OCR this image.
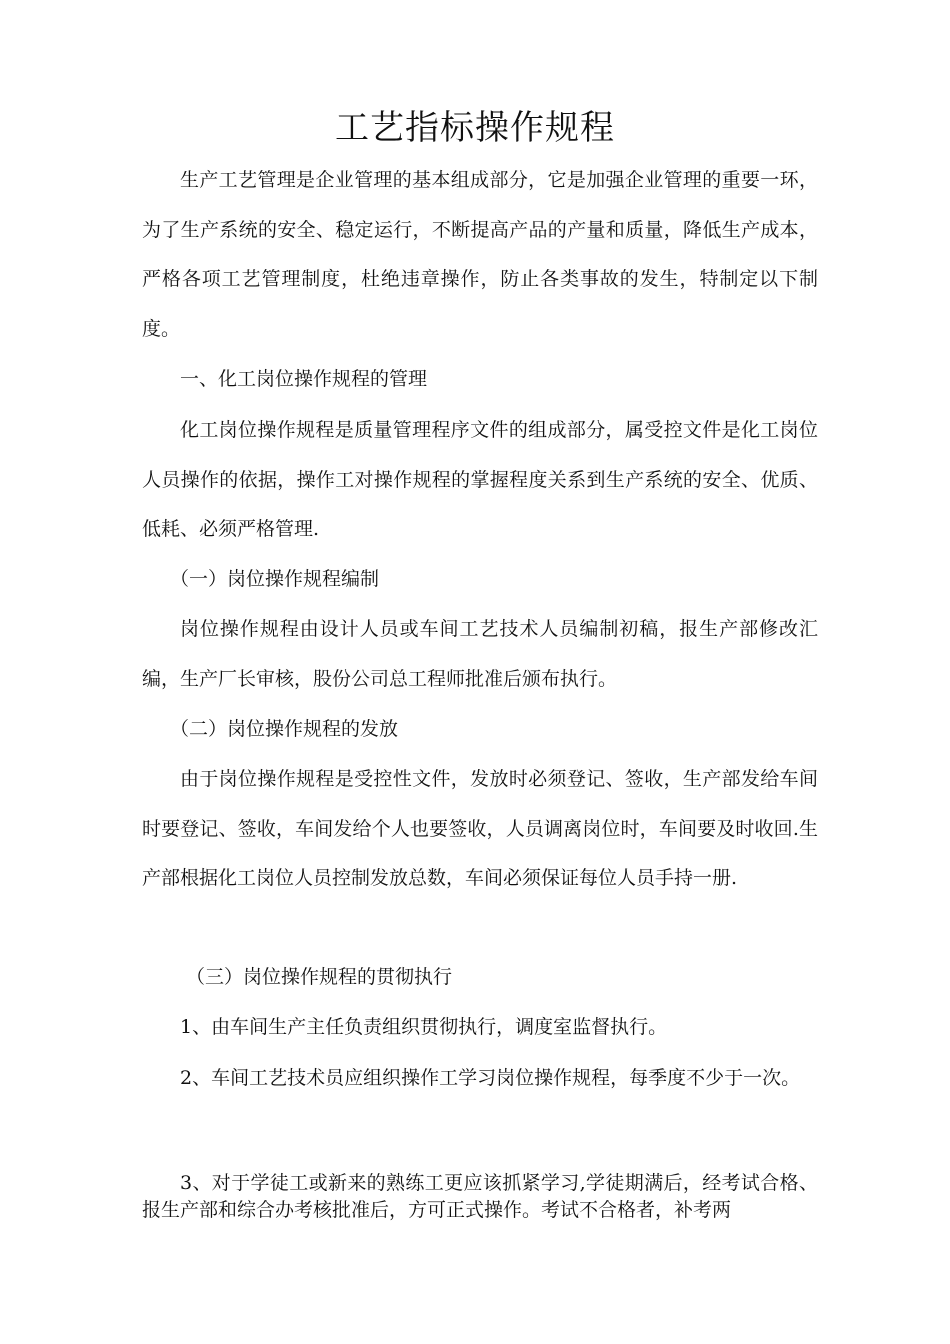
工艺指标操作规程

生产工艺管理是企业管理的基本组成部分，它是加强企业管理的重要一环，为了生产系统的安全、稳定运行，不断提高产品的产量和质量，降低生产成本，严格各项工艺管理制度，杜绝违章操作，防止各类事故的发生，特制定以下制度。

一、化工岗位操作规程的管理

化工岗位操作规程是质量管理程序文件的组成部分，属受控文件是化工岗位人员操作的依据，操作工对操作规程的掌握程度关系到生产系统的安全、优质、低耗、必须严格管理.

（一）岗位操作规程编制

岗位操作规程由设计人员或车间工艺技术人员编制初稿，报生产部修改汇编，生产厂长审核，股份公司总工程师批准后颁布执行。

（二）岗位操作规程的发放

由于岗位操作规程是受控性文件，发放时必须登记、签收，生产部发给车间时要登记、签收，车间发给个人也要签收，人员调离岗位时，车间要及时收回.生产部根据化工岗位人员控制发放总数，车间必须保证每位人员手持一册.

（三）岗位操作规程的贯彻执行

1、由车间生产主任负责组织贯彻执行，调度室监督执行。

2、车间工艺技术员应组织操作工学习岗位操作规程，每季度不少于一次。

3、对于学徒工或新来的熟练工更应该抓紧学习,学徒期满后，经考试合格、报生产部和综合办考核批准后，方可正式操作。考试不合格者，补考两
